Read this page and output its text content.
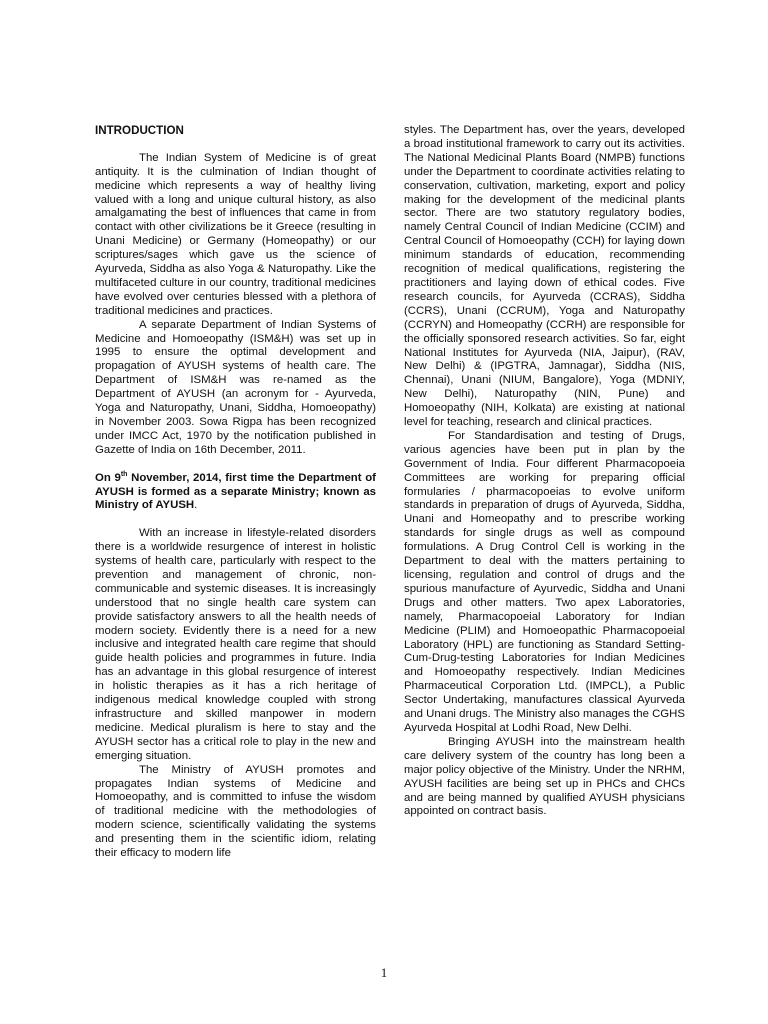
INTRODUCTION

The Indian System of Medicine is of great antiquity. It is the culmination of Indian thought of medicine which represents a way of healthy living valued with a long and unique cultural history, as also amalgamating the best of influences that came in from contact with other civilizations be it Greece (resulting in Unani Medicine) or Germany (Homeopathy) or our scriptures/sages which gave us the science of Ayurveda, Siddha as also Yoga & Naturopathy. Like the multifaceted culture in our country, traditional medicines have evolved over centuries blessed with a plethora of traditional medicines and practices.

A separate Department of Indian Systems of Medicine and Homoeopathy (ISM&H) was set up in 1995 to ensure the optimal development and propagation of AYUSH systems of health care. The Department of ISM&H was re-named as the Department of AYUSH (an acronym for - Ayurveda, Yoga and Naturopathy, Unani, Siddha, Homoeopathy) in November 2003. Sowa Rigpa has been recognized under IMCC Act, 1970 by the notification published in Gazette of India on 16th December, 2011.

On 9th November, 2014, first time the Department of AYUSH is formed as a separate Ministry; known as Ministry of AYUSH.

With an increase in lifestyle-related disorders there is a worldwide resurgence of interest in holistic systems of health care, particularly with respect to the prevention and management of chronic, non-communicable and systemic diseases. It is increasingly understood that no single health care system can provide satisfactory answers to all the health needs of modern society. Evidently there is a need for a new inclusive and integrated health care regime that should guide health policies and programmes in future. India has an advantage in this global resurgence of interest in holistic therapies as it has a rich heritage of indigenous medical knowledge coupled with strong infrastructure and skilled manpower in modern medicine. Medical pluralism is here to stay and the AYUSH sector has a critical role to play in the new and emerging situation.

The Ministry of AYUSH promotes and propagates Indian systems of Medicine and Homoeopathy, and is committed to infuse the wisdom of traditional medicine with the methodologies of modern science, scientifically validating the systems and presenting them in the scientific idiom, relating their efficacy to modern life

styles. The Department has, over the years, developed a broad institutional framework to carry out its activities. The National Medicinal Plants Board (NMPB) functions under the Department to coordinate activities relating to conservation, cultivation, marketing, export and policy making for the development of the medicinal plants sector. There are two statutory regulatory bodies, namely Central Council of Indian Medicine (CCIM) and Central Council of Homoeopathy (CCH) for laying down minimum standards of education, recommending recognition of medical qualifications, registering the practitioners and laying down of ethical codes. Five research councils, for Ayurveda (CCRAS), Siddha (CCRS), Unani (CCRUM), Yoga and Naturopathy (CCRYN) and Homeopathy (CCRH) are responsible for the officially sponsored research activities. So far, eight National Institutes for Ayurveda (NIA, Jaipur), (RAV, New Delhi) & (IPGTRA, Jamnagar), Siddha (NIS, Chennai), Unani (NIUM, Bangalore), Yoga (MDNIY, New Delhi), Naturopathy (NIN, Pune) and Homoeopathy (NIH, Kolkata) are existing at national level for teaching, research and clinical practices.

For Standardisation and testing of Drugs, various agencies have been put in plan by the Government of India. Four different Pharmacopoeia Committees are working for preparing official formularies / pharmacopoeias to evolve uniform standards in preparation of drugs of Ayurveda, Siddha, Unani and Homeopathy and to prescribe working standards for single drugs as well as compound formulations. A Drug Control Cell is working in the Department to deal with the matters pertaining to licensing, regulation and control of drugs and the spurious manufacture of Ayurvedic, Siddha and Unani Drugs and other matters. Two apex Laboratories, namely, Pharmacopoeial Laboratory for Indian Medicine (PLIM) and Homoeopathic Pharmacopoeial Laboratory (HPL) are functioning as Standard Setting-Cum-Drug-testing Laboratories for Indian Medicines and Homoeopathy respectively. Indian Medicines Pharmaceutical Corporation Ltd. (IMPCL), a Public Sector Undertaking, manufactures classical Ayurveda and Unani drugs. The Ministry also manages the CGHS Ayurveda Hospital at Lodhi Road, New Delhi.

Bringing AYUSH into the mainstream health care delivery system of the country has long been a major policy objective of the Ministry. Under the NRHM, AYUSH facilities are being set up in PHCs and CHCs and are being manned by qualified AYUSH physicians appointed on contract basis.

1
